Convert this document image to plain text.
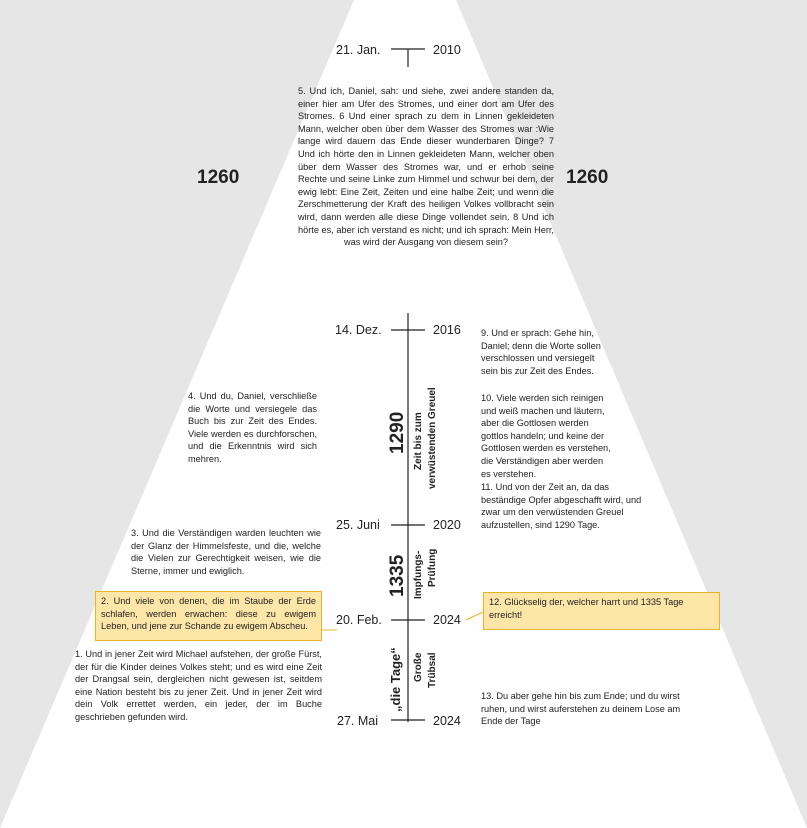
21. Jan.	2010
1260	1260
5. Und ich, Daniel, sah: und siehe, zwei andere standen da, einer hier am Ufer des Stromes, und einer dort am Ufer des Stromes. 6 Und einer sprach zu dem in Linnen gekleideten Mann, welcher oben über dem Wasser des Stromes war :Wie lange wird dauern das Ende dieser wunderbaren Dinge? 7 Und ich hörte den in Linnen gekleideten Mann, welcher oben über dem Wasser des Stromes war, und er erhob seine Rechte und seine Linke zum Himmel und schwur bei dem, der ewig lebt: Eine Zeit, Zeiten und eine halbe Zeit; und wenn die Zerschmetterung der Kraft des heiligen Volkes vollbracht sein wird, dann werden alle diese Dinge vollendet sein. 8 Und ich hörte es, aber ich verstand es nicht; und ich sprach: Mein Herr, was wird der Ausgang von diesem sein?
14. Dez.	2016
25. Juni	2020
20. Feb.	2024
27. Mai	2024
4. Und du, Daniel, verschließe die Worte und versiegele das Buch bis zur Zeit des Endes. Viele werden es durchforschen, und die Erkenntnis wird sich mehren.
3. Und die Verständigen warden leuchten wie der Glanz der Himmelsfeste, und die, welche die Vielen zur Gerechtigkeit weisen, wie die Sterne, immer und ewiglich.
2. Und viele von denen, die im Staube der Erde schlafen, werden erwachen: diese zu ewigem Leben, und jene zur Schande zu ewigem Abscheu.
1. Und in jener Zeit wird Michael aufstehen, der große Fürst, der für die Kinder deines Volkes steht; und es wird eine Zeit der Drangsal sein, dergleichen nicht gewesen ist, seitdem eine Nation besteht bis zu jener Zeit. Und in jener Zeit wird dein Volk errettet werden, ein jeder, der im Buche geschrieben gefunden wird.
9. Und er sprach: Gehe hin, Daniel; denn die Worte sollen verschlossen und versiegelt sein bis zur Zeit des Endes.
10. Viele werden sich reinigen und weiß machen und läutern, aber die Gottlosen werden gottlos handeln; und keine der Gottlosen werden es verstehen, die Verständigen aber werden es verstehen.
11. Und von der Zeit an, da das beständige Opfer abgeschafft wird, und zwar um den verwüstenden Greuel aufzustellen, sind 1290 Tage.
12. Glückselig der, welcher harrt und 1335 Tage erreicht!
13. Du aber gehe hin bis zum Ende; und du wirst ruhen, und wirst auferstehen zu deinem Lose am Ende der Tage
1290 Zeit bis zum verwüstenden Greuel
1335 Impfungs- Prüfung
„die Tage“ Große Trübsal
